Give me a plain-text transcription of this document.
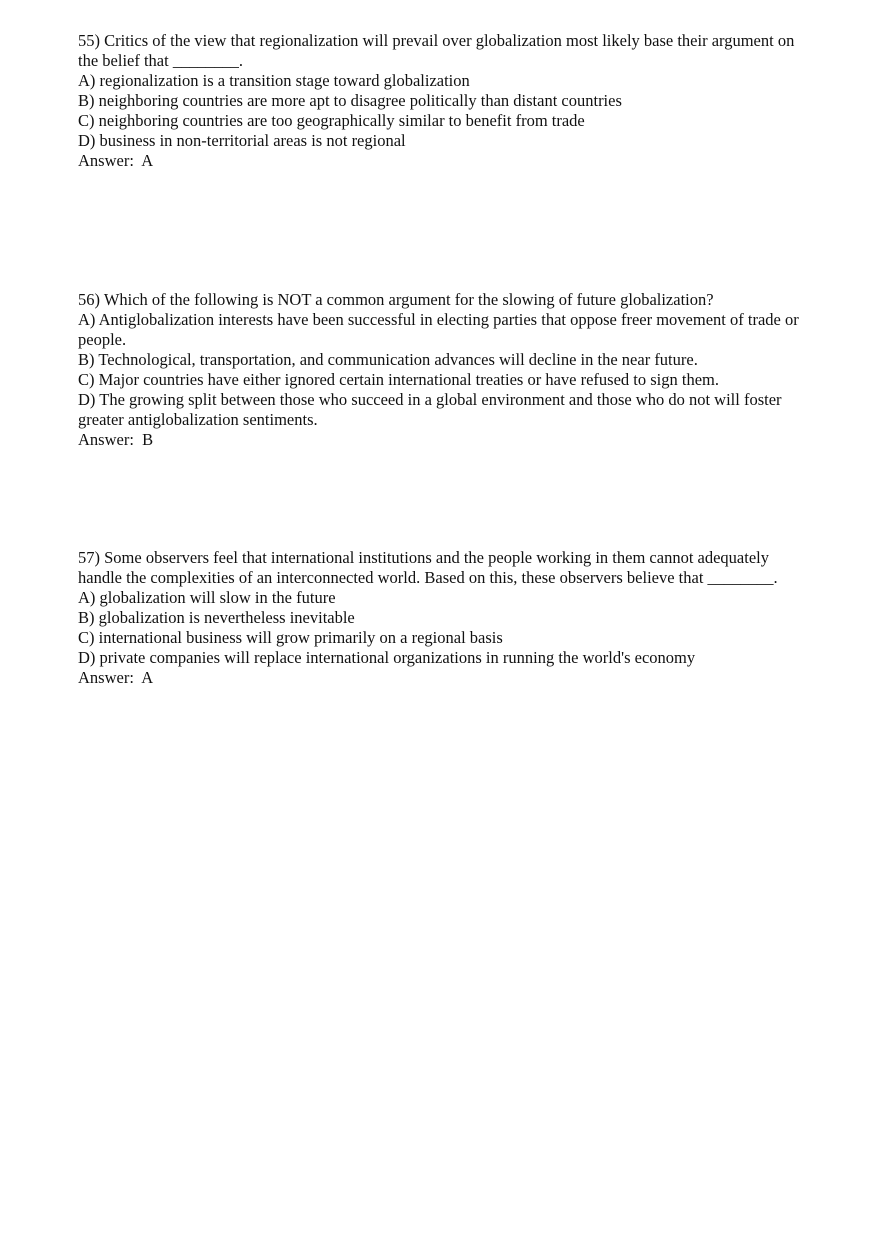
55) Critics of the view that regionalization will prevail over globalization most likely base their argument on the belief that ________.
A) regionalization is a transition stage toward globalization
B) neighboring countries are more apt to disagree politically than distant countries
C) neighboring countries are too geographically similar to benefit from trade
D) business in non-territorial areas is not regional
Answer:  A
56) Which of the following is NOT a common argument for the slowing of future globalization?
A) Antiglobalization interests have been successful in electing parties that oppose freer movement of trade or people.
B) Technological, transportation, and communication advances will decline in the near future.
C) Major countries have either ignored certain international treaties or have refused to sign them.
D) The growing split between those who succeed in a global environment and those who do not will foster greater antiglobalization sentiments.
Answer:  B
57) Some observers feel that international institutions and the people working in them cannot adequately handle the complexities of an interconnected world. Based on this, these observers believe that ________.
A) globalization will slow in the future
B) globalization is nevertheless inevitable
C) international business will grow primarily on a regional basis
D) private companies will replace international organizations in running the world's economy
Answer:  A
